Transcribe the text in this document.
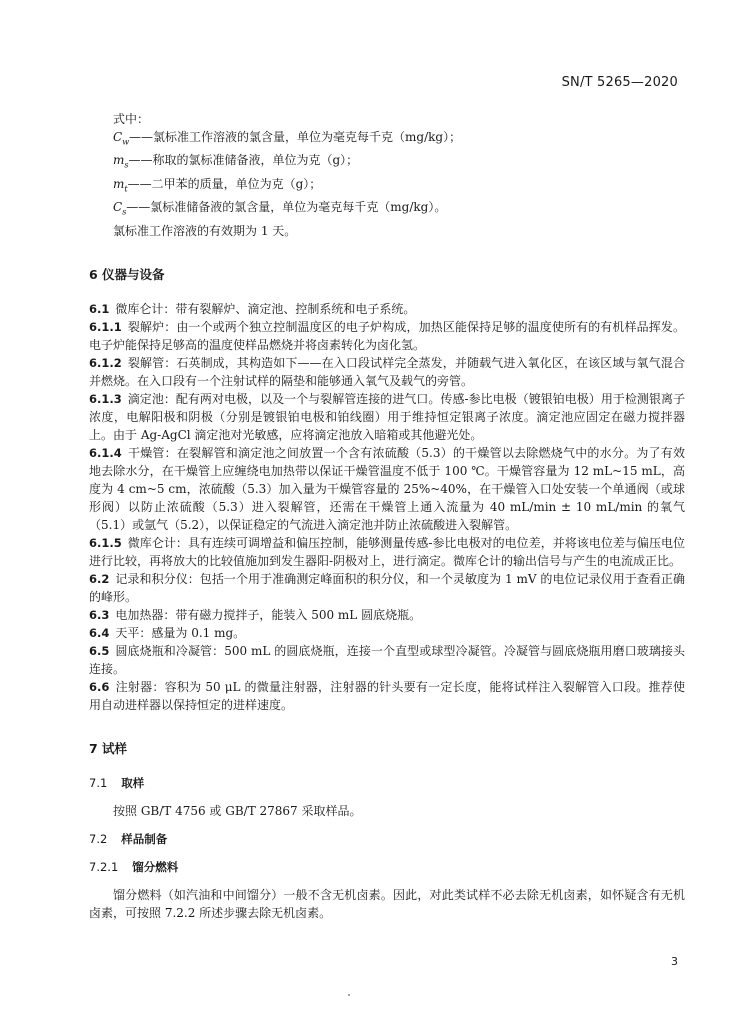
SN/T 5265—2020
式中：
$C_w——$氯标准工作溶液的氯含量，单位为毫克每千克（mg/kg）；
$m_s——$称取的氯标准储备液，单位为克（g）；
$m_t——$二甲苯的质量，单位为克（g）；
$C_s——$氯标准储备液的氯含量，单位为毫克每千克（mg/kg）。
氯标准工作溶液的有效期为 1 天。
6 仪器与设备

6.1 微库仑计：带有裂解炉、滴定池、控制系统和电子系统。

6.1.1 裂解炉：由一个或两个独立控制温度区的电子炉构成，加热区能保持足够的温度使所有的有机样品挥发。电子炉能保持足够高的温度使样品燃烧并将卤素转化为卤化氢。

6.1.2 裂解管：石英制成，其构造如下——在入口段试样完全蒸发，并随载气进入氧化区，在该区域与氧气混合并燃烧。在入口段有一个注射试样的隔垫和能够通入氧气及载气的旁管。

6.1.3 滴定池：配有两对电极，以及一个与裂解管连接的进气口。传感-参比电极（镀银铂电极）用于检测银离子浓度，电解阳极和阴极（分别是镀银铂电极和铂线圈）用于维持恒定银离子浓度。滴定池应固定在磁力搅拌器上。由于 Ag-AgCl 滴定池对光敏感，应将滴定池放入暗箱或其他避光处。

6.1.4 干燥管：在裂解管和滴定池之间放置一个含有浓硫酸（5.3）的干燥管以去除燃烧气中的水分。为了有效地去除水分，在干燥管上应缠绕电加热带以保证干燥管温度不低于 100 ℃。干燥管容量为 12 mL~15 mL，高度为 4 cm~5 cm，浓硫酸（5.3）加入量为干燥管容量的 25%~40%，在干燥管入口处安装一个单通阀（或球形阀）以防止浓硫酸（5.3）进入裂解管，还需在干燥管上通入流量为 40 mL/min ± 10 mL/min 的氧气（5.1）或氩气（5.2），以保证稳定的气流进入滴定池并防止浓硫酸进入裂解管。

6.1.5 微库仑计：具有连续可调增益和偏压控制，能够测量传感-参比电极对的电位差，并将该电位差与偏压电位进行比较，再将放大的比较值施加到发生器阳-阴极对上，进行滴定。微库仑计的输出信号与产生的电流成正比。

6.2 记录和积分仪：包括一个用于准确测定峰面积的积分仪，和一个灵敏度为 1 mV 的电位记录仪用于查看正确的峰形。

6.3 电加热器：带有磁力搅拌子，能装入 500 mL 圆底烧瓶。

6.4 天平：感量为 0.1 mg。

6.5 圆底烧瓶和冷凝管：500 mL 的圆底烧瓶，连接一个直型或球型冷凝管。冷凝管与圆底烧瓶用磨口玻璃接头连接。

6.6 注射器：容积为 50 μL 的微量注射器，注射器的针头要有一定长度，能将试样注入裂解管入口段。推荐使用自动进样器以保持恒定的进样速度。

7 试样
7.1 取样

按照 GB/T 4756 或 GB/T 27867 采取样品。

7.2 样品制备
7.2.1 馏分燃料

馏分燃料（如汽油和中间馏分）一般不含无机卤素。因此，对此类试样不必去除无机卤素，如怀疑含有无机卤素，可按照 7.2.2 所述步骤去除无机卤素。

3
